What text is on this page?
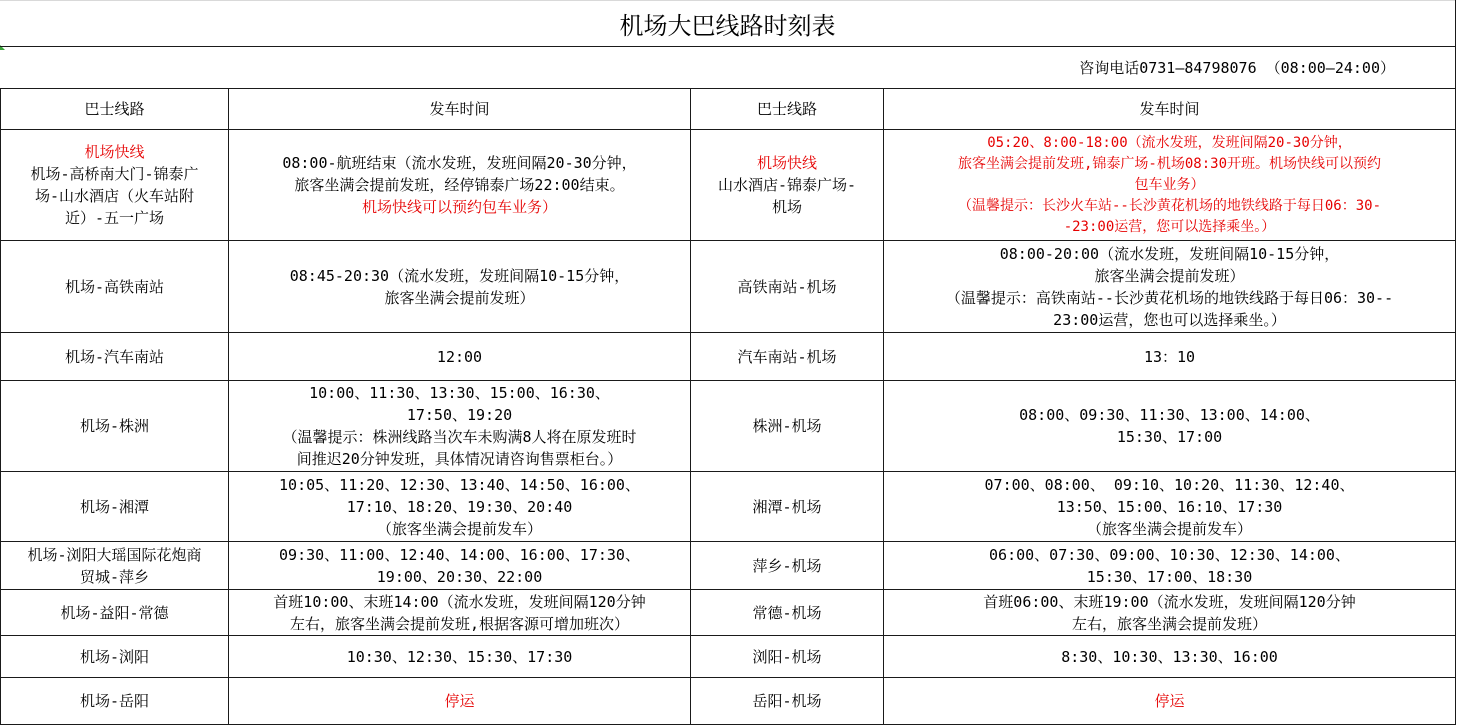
机场大巴线路时刻表
咨询电话0731—84798076 （08:00—24:00）
巴士线路	发车时间	巴士线路	发车时间

机场快线
机场-高桥南大门-锦泰广
场-山水酒店（火车站附
近）-五一广场	08:00-航班结束（流水发班，发班间隔20-30分钟，
旅客坐满会提前发班，经停锦泰广场22:00结束。
机场快线可以预约包车业务）	机场快线
山水酒店-锦泰广场-
机场	05:20、8:00-18:00（流水发班，发班间隔20-30分钟，
旅客坐满会提前发班,锦泰广场-机场08:30开班。机场快线可以预约
包车业务）
（温馨提示：长沙火车站--长沙黄花机场的地铁线路于每日06：30-
-23:00运营，您可以选择乘坐。）

机场-高铁南站	08:45-20:30（流水发班，发班间隔10-15分钟，
旅客坐满会提前发班）	高铁南站-机场	08:00-20:00（流水发班，发班间隔10-15分钟，
旅客坐满会提前发班）
（温馨提示：高铁南站--长沙黄花机场的地铁线路于每日06：30--
23:00运营，您也可以选择乘坐。）

机场-汽车南站	12:00	汽车南站-机场	13：10
机场-株洲	10:00、11:30、13:30、15:00、16:30、
17:50、19:20
（温馨提示：株洲线路当次车未购满8人将在原发班时
间推迟20分钟发班，具体情况请咨询售票柜台。）	株洲-机场	08:00、09:30、11:30、13:00、14:00、
15:30、17:00

机场-湘潭	10:05、11:20、12:30、13:40、14:50、16:00、
17:10、18:20、19:30、20:40
（旅客坐满会提前发车）	湘潭-机场	07:00、08:00、 09:10、10:20、11:30、12:40、
13:50、15:00、16:10、17:30
（旅客坐满会提前发车）

机场-浏阳大瑶国际花炮商
贸城-萍乡	09:30、11:00、12:40、14:00、16:00、17:30、
19:00、20:30、22:00	萍乡-机场	06:00、07:30、09:00、10:30、12:30、14:00、
15:30、17:00、18:30

机场-益阳-常德	首班10:00、末班14:00（流水发班，发班间隔120分钟
左右，旅客坐满会提前发班,根据客源可增加班次）	常德-机场	首班06:00、末班19:00（流水发班，发班间隔120分钟
左右，旅客坐满会提前发班）

机场-浏阳	10:30、12:30、15:30、17:30	浏阳-机场	8:30、10:30、13:30、16:00
机场-岳阳	停运	岳阳-机场	停运
